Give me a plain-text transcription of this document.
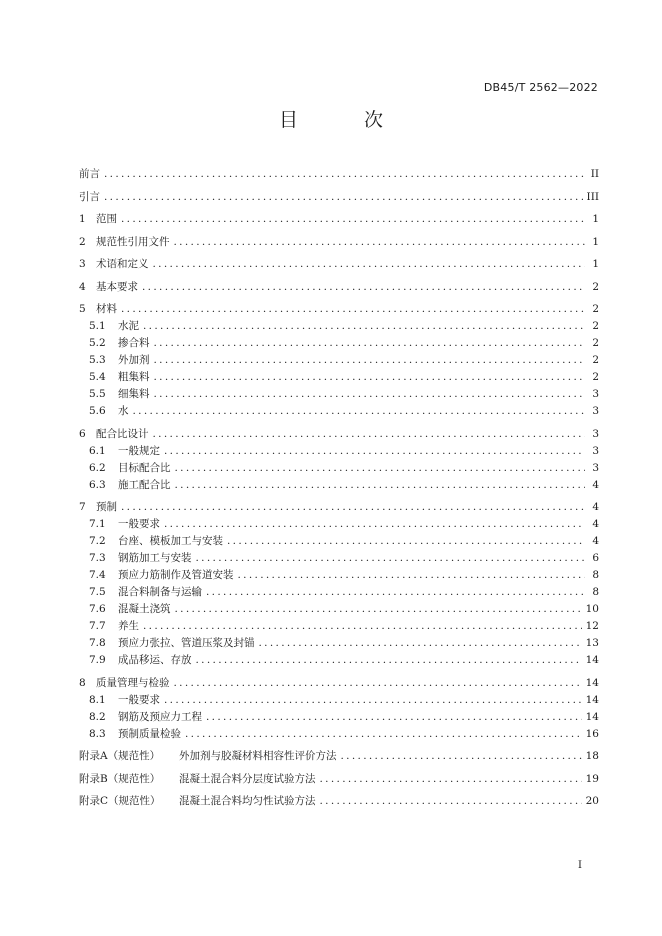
DB45/T 2562—2022
目 次
前言 . . .	II
引言 . . .	III
1 范围 . . .	1
2 规范性引用文件 . . .	1
3 术语和定义 . . .	1
4 基本要求 . . .	2
5 材料 . . .	2
5.1	水泥 . . .	2
5.2	掺合料 . . .	2
5.3	外加剂 . . .	2
5.4	粗集料 . . .	2
5.5	细集料 . . .	3
5.6	水 . . .	3
6 配合比设计 . . .	3
6.1	一般规定 . . .	3
6.2	目标配合比 . . .	3
6.3	施工配合比 . . .	4
7 预制 . . .	4
7.1	一般要求 . . .	4
7.2	台座、模板加工与安装 . . .	4
7.3	钢筋加工与安装 . . .	6
7.4	预应力筋制作及管道安装 . . .	8
7.5	混合料制备与运输 . . .	8
7.6	混凝土浇筑 . . .	10
7.7	养生 . . .	12
7.8	预应力张拉、管道压浆及封锚 . . .	13
7.9	成品移运、存放 . . .	14
8 质量管理与检验 . . .	14
8.1	一般要求 . . .	14
8.2	钢筋及预应力工程 . . .	14
8.3	预制质量检验 . . .	16
附录A（规范性）	外加剂与胶凝材料相容性评价方法 . . .	18
附录B（规范性）	混凝土混合料分层度试验方法 . . .	19
附录C（规范性）	混凝土混合料均匀性试验方法 . . .	20
I
